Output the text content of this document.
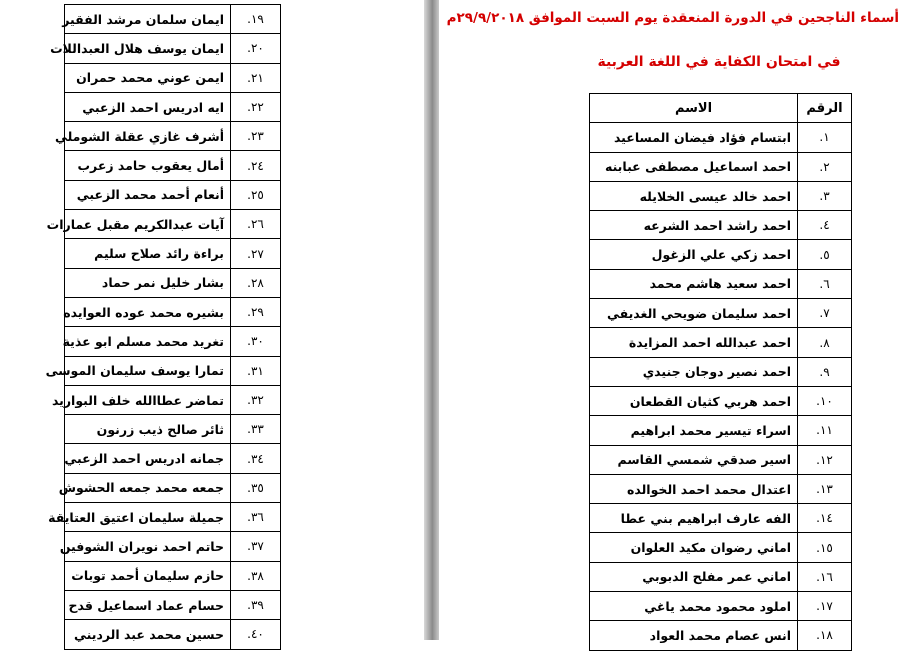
١٩.	ايمان سلمان مرشد الفقير
٢٠.	ايمان يوسف هلال العبداللات
٢١.	ايمن عوني محمد حمران
٢٢.	ايه ادريس احمد الزعبي
٢٣.	أشرف غازي عقلة الشوملي
٢٤.	أمال يعقوب حامد زعرب
٢٥.	أنعام أحمد محمد الزعبي
٢٦.	آيات عبدالكريم مقبل عمارات
٢٧.	براءة رائد صلاح سليم
٢٨.	بشار خليل نمر حماد
٢٩.	بشيره محمد عوده العوايده
٣٠.	تغريد محمد مسلم ابو عذية
٣١.	تمارا يوسف سليمان الموسى
٣٢.	تماضر عطاالله خلف البواريد
٣٣.	ثائر صالح ذيب زرنون
٣٤.	جمانه ادريس احمد الزعبي
٣٥.	جمعه محمد جمعه الحشوش
٣٦.	جميلة سليمان اعتيق العتايقة
٣٧.	حاتم احمد نويران الشوفين
٣٨.	حازم سليمان أحمد توبات
٣٩.	حسام عماد اسماعيل قدح
٤٠.	حسين محمد عبد الرديني
أسماء الناجحين في الدورة المنعقدة يوم السبت الموافق ٢٩/٩/٢٠١٨م
في امتحان الكفاية في اللغة العربية
الرقم	الاسم
١.	ابتسام فؤاد فيضان المساعيد
٢.	احمد اسماعيل مصطفى عبابنه
٣.	احمد خالد عيسى الخلايله
٤.	احمد راشد احمد الشرعه
٥.	احمد زكي علي الزغول
٦.	احمد سعيد هاشم محمد
٧.	احمد سليمان ضويحي الغديفي
٨.	احمد عبدالله احمد المزايدة
٩.	احمد نصير دوجان جنيدي
١٠.	احمد هربي كثيان القطعان
١١.	اسراء تيسير محمد ابراهيم
١٢.	اسير صدقي شمسي القاسم
١٣.	اعتدال محمد احمد الخوالده
١٤.	الفه عارف ابراهيم بني عطا
١٥.	اماني رضوان مكيد العلوان
١٦.	اماني عمر مفلح الدبوبي
١٧.	املود محمود محمد ياغي
١٨.	انس عصام محمد العواد
